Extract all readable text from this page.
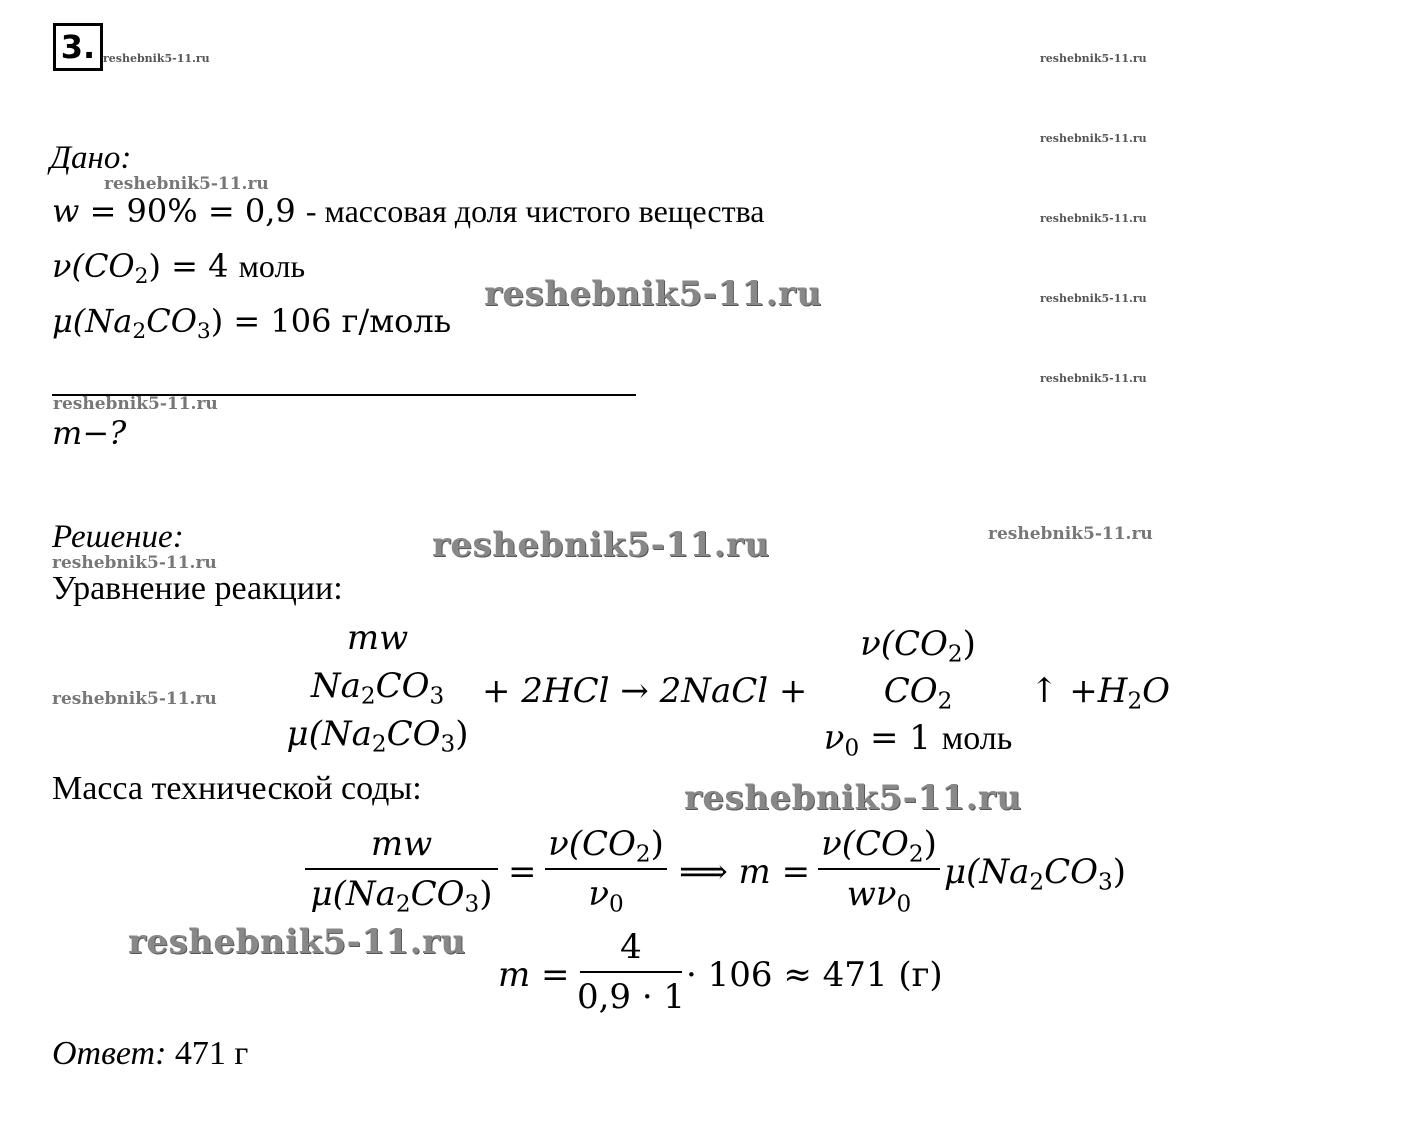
3. reshebnik5-11.ru	reshebnik5-11.ru
reshebnik5-11.ru
reshebnik5-11.ru
reshebnik5-11.ru
reshebnik5-11.ru
reshebnik5-11.ru
reshebnik5-11.ru
reshebnik5-11.ru
reshebnik5-11.ru
reshebnik5-11.ru
reshebnik5-11.ru
reshebnik5-11.ru
reshebnik5-11.ru
reshebnik5-11.ru
Дано:
w = 90% = 0,9 - массовая доля чистого вещества
$\nu(CO_2) = 4$ моль
$\mu(Na_2CO_3) = 106$ г/моль
m−?
Решение:
Уравнение реакции:
mw
$Na_2CO_3$
$\mu(Na_2CO_3)$
+ 2HCl → 2NaCl +
$\nu(CO_2)$
$CO_2$
$\nu_0 = 1$ моль
↑ $+H_2O$
Масса технической соды:
mw
$\mu(Na_2CO_3)$
=
$\nu(CO_2)$
$\nu_0$
⟹ m =
$\nu(CO_2)$
$w\nu_0$
$\mu(Na_2CO_3)$
m =
4
0,9 · 1
· 106 ≈ 471 (г)
Ответ: 471 г
